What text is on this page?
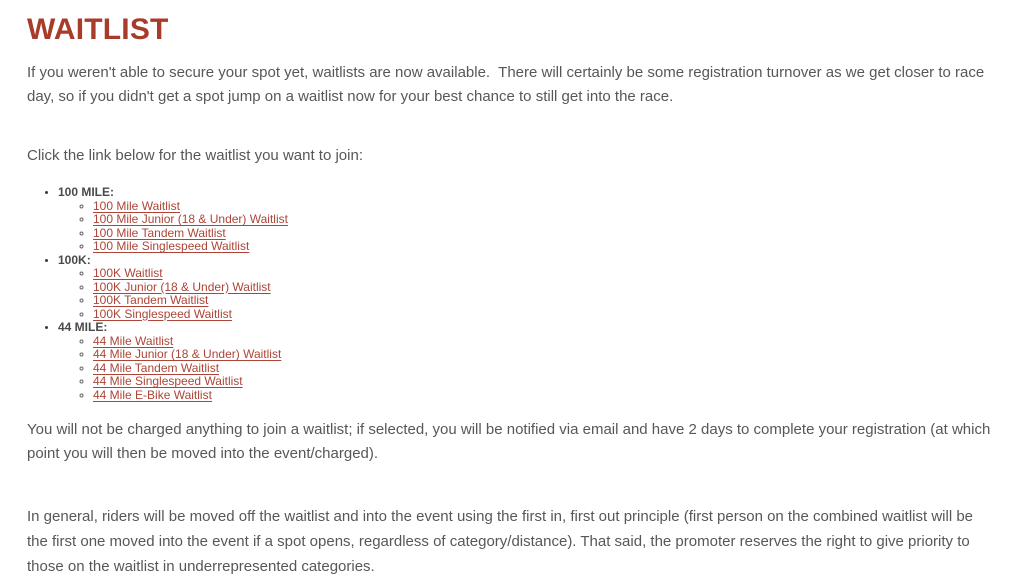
WAITLIST

If you weren't able to secure your spot yet, waitlists are now available.  There will certainly be some registration turnover as we get closer to race day, so if you didn't get a spot jump on a waitlist now for your best chance to still get into the race.

Click the link below for the waitlist you want to join:

• 100 MILE:
◦ 100 Mile Waitlist
◦ 100 Mile Junior (18 & Under) Waitlist
◦ 100 Mile Tandem Waitlist
◦ 100 Mile Singlespeed Waitlist
• 100K:
◦ 100K Waitlist
◦ 100K Junior (18 & Under) Waitlist
◦ 100K Tandem Waitlist
◦ 100K Singlespeed Waitlist
• 44 MILE:
◦ 44 Mile Waitlist
◦ 44 Mile Junior (18 & Under) Waitlist
◦ 44 Mile Tandem Waitlist
◦ 44 Mile Singlespeed Waitlist
◦ 44 Mile E-Bike Waitlist

You will not be charged anything to join a waitlist; if selected, you will be notified via email and have 2 days to complete your registration (at which point you will then be moved into the event/charged).

In general, riders will be moved off the waitlist and into the event using the first in, first out principle (first person on the combined waitlist will be the first one moved into the event if a spot opens, regardless of category/distance). That said, the promoter reserves the right to give priority to those on the waitlist in underrepresented categories.
